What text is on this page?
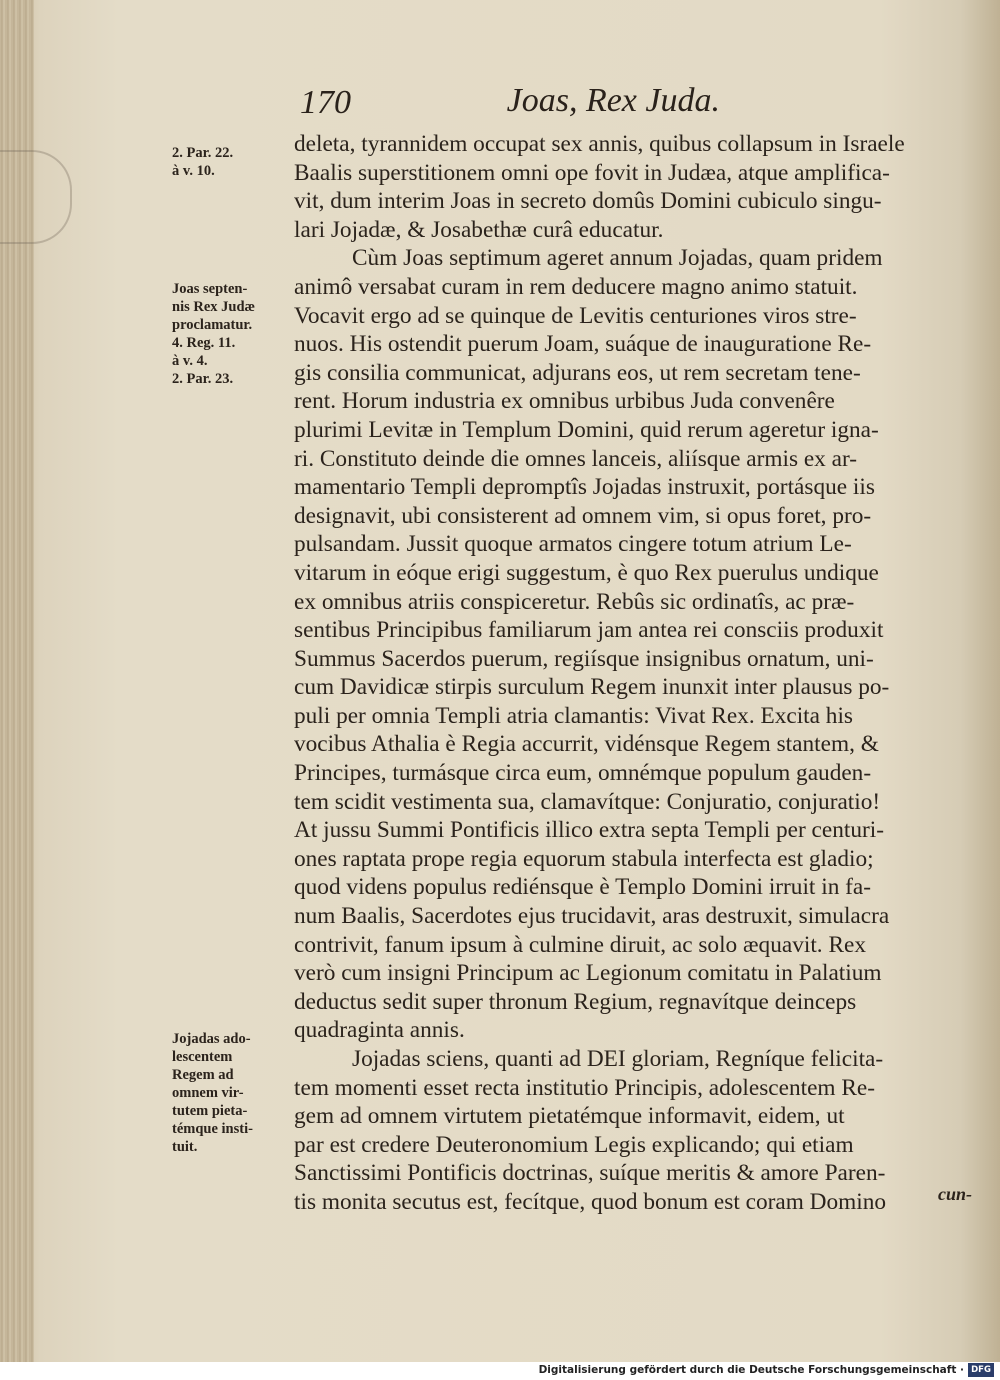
170	Joas, Rex Juda.

2. Par. 22.

à v. 10.

Joas septen-

nis Rex Judæ

proclamatur.

4. Reg. 11.

à v. 4.

2. Par. 23.

Jojadas ado-

lescentem

Regem ad

omnem vir-

tutem pieta-

témque insti-

tuit.

deleta, tyrannidem occupat sex annis, quibus collapsum in Israele

Baalis superstitionem omni ope fovit in Judæa, atque amplifica-

vit, dum interim Joas in secreto domûs Domini cubiculo singu-

lari Jojadæ, & Josabethæ curâ educatur.

Cùm Joas septimum ageret annum Jojadas, quam pridem

animô versabat curam in rem deducere magno animo statuit.

Vocavit ergo ad se quinque de Levitis centuriones viros stre-

nuos. His ostendit puerum Joam, suáque de inauguratione Re-

gis consilia communicat, adjurans eos, ut rem secretam tene-

rent. Horum industria ex omnibus urbibus Juda convenêre

plurimi Levitæ in Templum Domini, quid rerum ageretur igna-

ri. Constituto deinde die omnes lanceis, aliísque armis ex ar-

mamentario Templi depromptîs Jojadas instruxit, portásque iis

designavit, ubi consisterent ad omnem vim, si opus foret, pro-

pulsandam. Jussit quoque armatos cingere totum atrium Le-

vitarum in eóque erigi suggestum, è quo Rex puerulus undique

ex omnibus atriis conspiceretur. Rebûs sic ordinatîs, ac præ-

sentibus Principibus familiarum jam antea rei consciis produxit

Summus Sacerdos puerum, regiísque insignibus ornatum, uni-

cum Davidicæ stirpis surculum Regem inunxit inter plausus po-

puli per omnia Templi atria clamantis: Vivat Rex. Excita his

vocibus Athalia è Regia accurrit, vidénsque Regem stantem, &

Principes, turmásque circa eum, omnémque populum gauden-

tem scidit vestimenta sua, clamavítque: Conjuratio, conjuratio!

At jussu Summi Pontificis illico extra septa Templi per centuri-

ones raptata prope regia equorum stabula interfecta est gladio;

quod videns populus rediénsque è Templo Domini irruit in fa-

num Baalis, Sacerdotes ejus trucidavit, aras destruxit, simulacra

contrivit, fanum ipsum à culmine diruit, ac solo æquavit. Rex

verò cum insigni Principum ac Legionum comitatu in Palatium

deductus sedit super thronum Regium, regnavítque deinceps

quadraginta annis.

Jojadas sciens, quanti ad DEI gloriam, Regníque felicita-

tem momenti esset recta institutio Principis, adolescentem Re-

gem ad omnem virtutem pietatémque informavit, eidem, ut

par est credere Deuteronomium Legis explicando; qui etiam

Sanctissimi Pontificis doctrinas, suíque meritis & amore Paren-

tis monita secutus est, fecítque, quod bonum est coram Domino	cun-
Digitalisierung gefördert durch die Deutsche Forschungsgemeinschaft · DFG
